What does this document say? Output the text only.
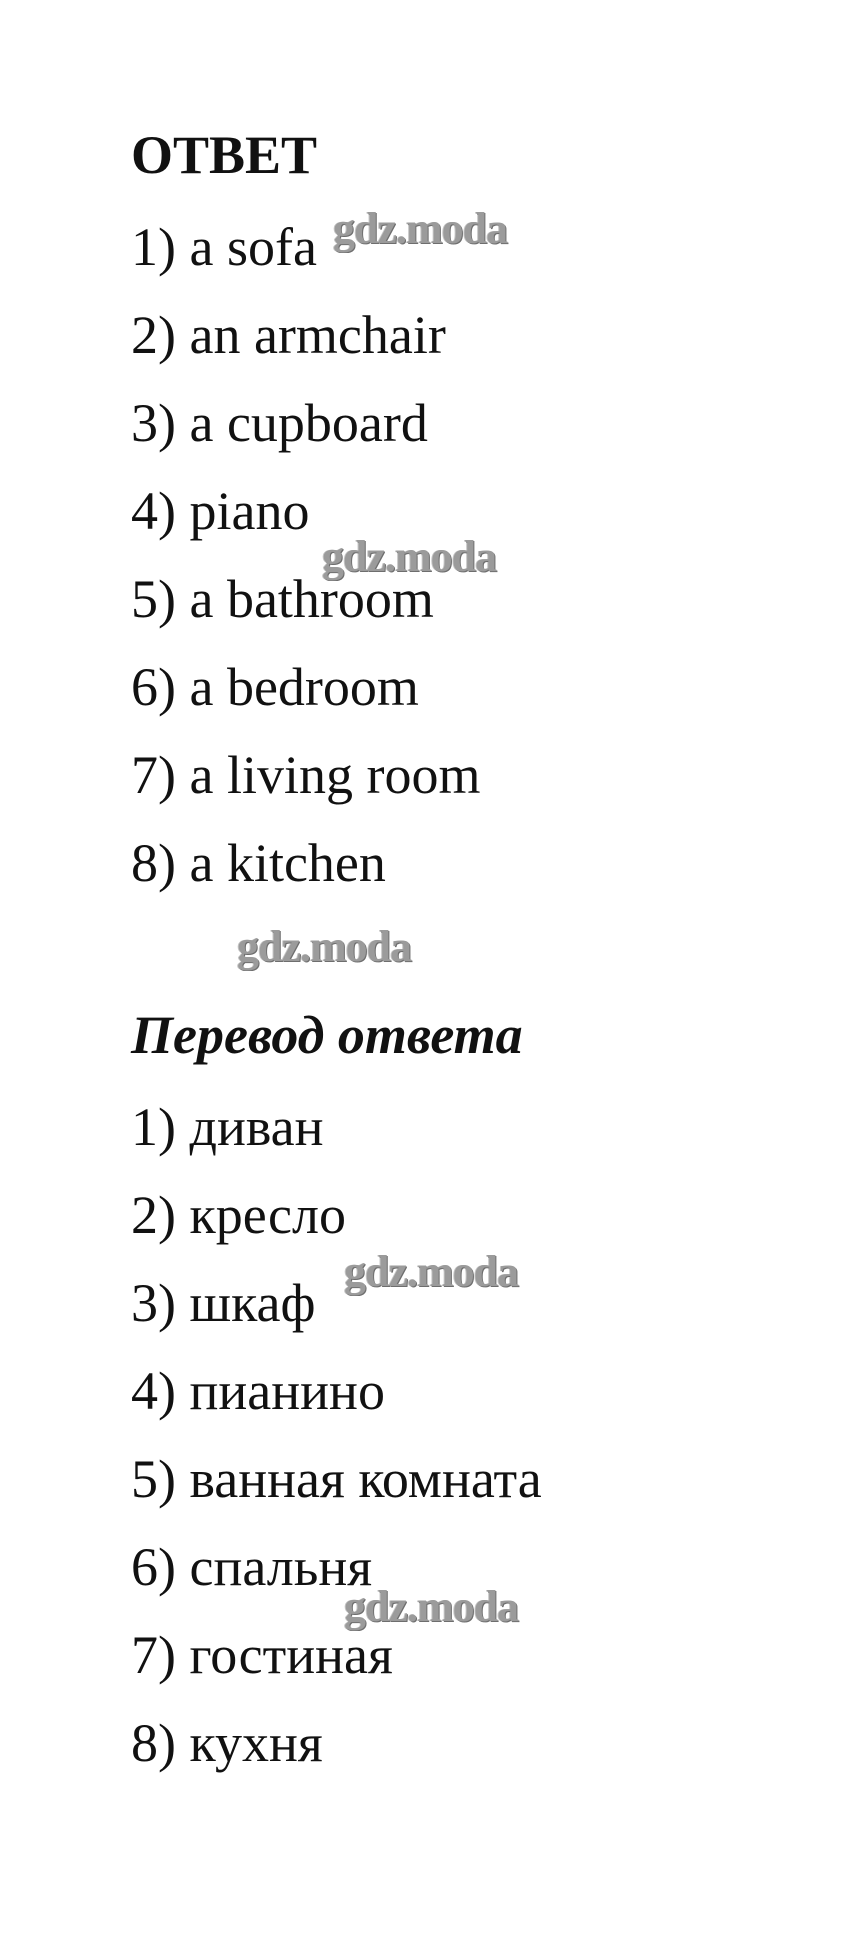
ОТВЕТ
1) a sofa
2) an armchair
3) a cupboard
4) piano
5) a bathroom
6) a bedroom
7) a living room
8) a kitchen
Перевод ответа
1) диван
2) кресло
3) шкаф
4) пианино
5) ванная комната
6) спальня
7) гостиная
8) кухня
gdz.moda
gdz.moda
gdz.moda
gdz.moda
gdz.moda
